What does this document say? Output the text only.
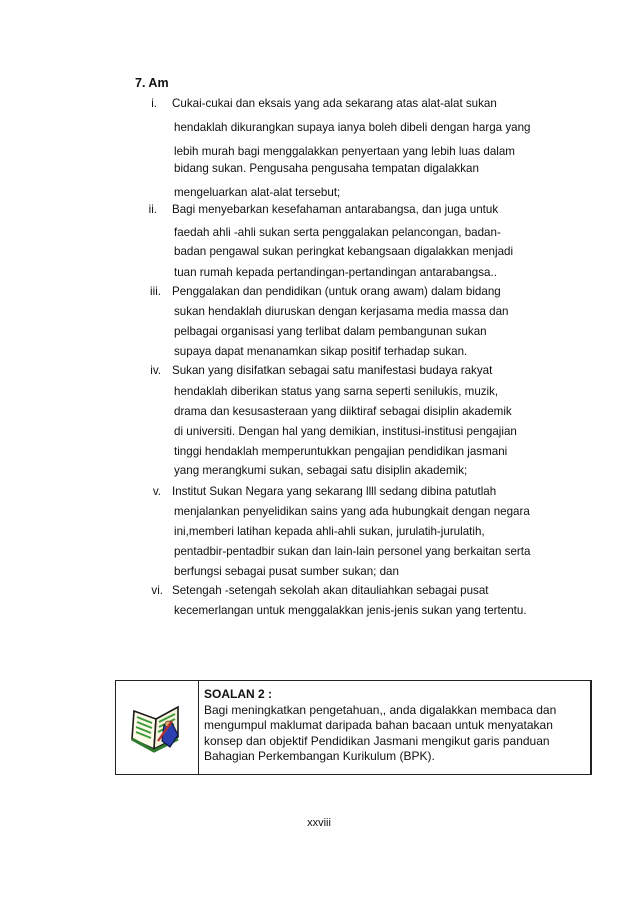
7. Am
i. Cukai-cukai dan eksais yang ada sekarang atas alat-alat sukan
hendaklah dikurangkan supaya ianya boleh dibeli dengan harga yang
lebih murah bagi menggalakkan penyertaan yang lebih luas dalam
bidang sukan. Pengusaha pengusaha tempatan digalakkan
mengeluarkan alat-alat tersebut;
ii. Bagi menyebarkan kesefahaman antarabangsa, dan juga untuk
faedah ahli -ahli sukan serta penggalakan pelancongan, badan-
badan pengawal sukan peringkat kebangsaan digalakkan menjadi
tuan rumah kepada pertandingan-pertandingan antarabangsa..
iii. Penggalakan dan pendidikan (untuk orang awam) dalam bidang
sukan hendaklah diuruskan dengan kerjasama media massa dan
pelbagai organisasi yang terlibat dalam pembangunan sukan
supaya dapat menanamkan sikap positif terhadap sukan.
iv. Sukan yang disifatkan sebagai satu manifestasi budaya rakyat
hendaklah diberikan status yang sarna seperti senilukis, muzik,
drama dan kesusasteraan yang diiktiraf sebagai disiplin akademik
di universiti. Dengan hal yang demikian, institusi-institusi pengajian
tinggi hendaklah memperuntukkan pengajian pendidikan jasmani
yang merangkumi sukan, sebagai satu disiplin akademik;
v. Institut Sukan Negara yang sekarang llll sedang dibina patutlah
menjalankan penyelidikan sains yang ada hubungkait dengan negara
ini,memberi latihan kepada ahli-ahli sukan, jurulatih-jurulatih,
pentadbir-pentadbir sukan dan lain-lain personel yang berkaitan serta
berfungsi sebagai pusat sumber sukan; dan
vi. Setengah -setengah sekolah akan ditauliahkan sebagai pusat
kecemerlangan untuk menggalakkan jenis-jenis sukan yang tertentu.
SOALAN 2 :
Bagi meningkatkan pengetahuan,, anda digalakkan membaca dan mengumpul maklumat daripada bahan bacaan untuk menyatakan konsep dan objektif Pendidikan Jasmani mengikut garis panduan Bahagian Perkembangan Kurikulum (BPK).
xxviii
